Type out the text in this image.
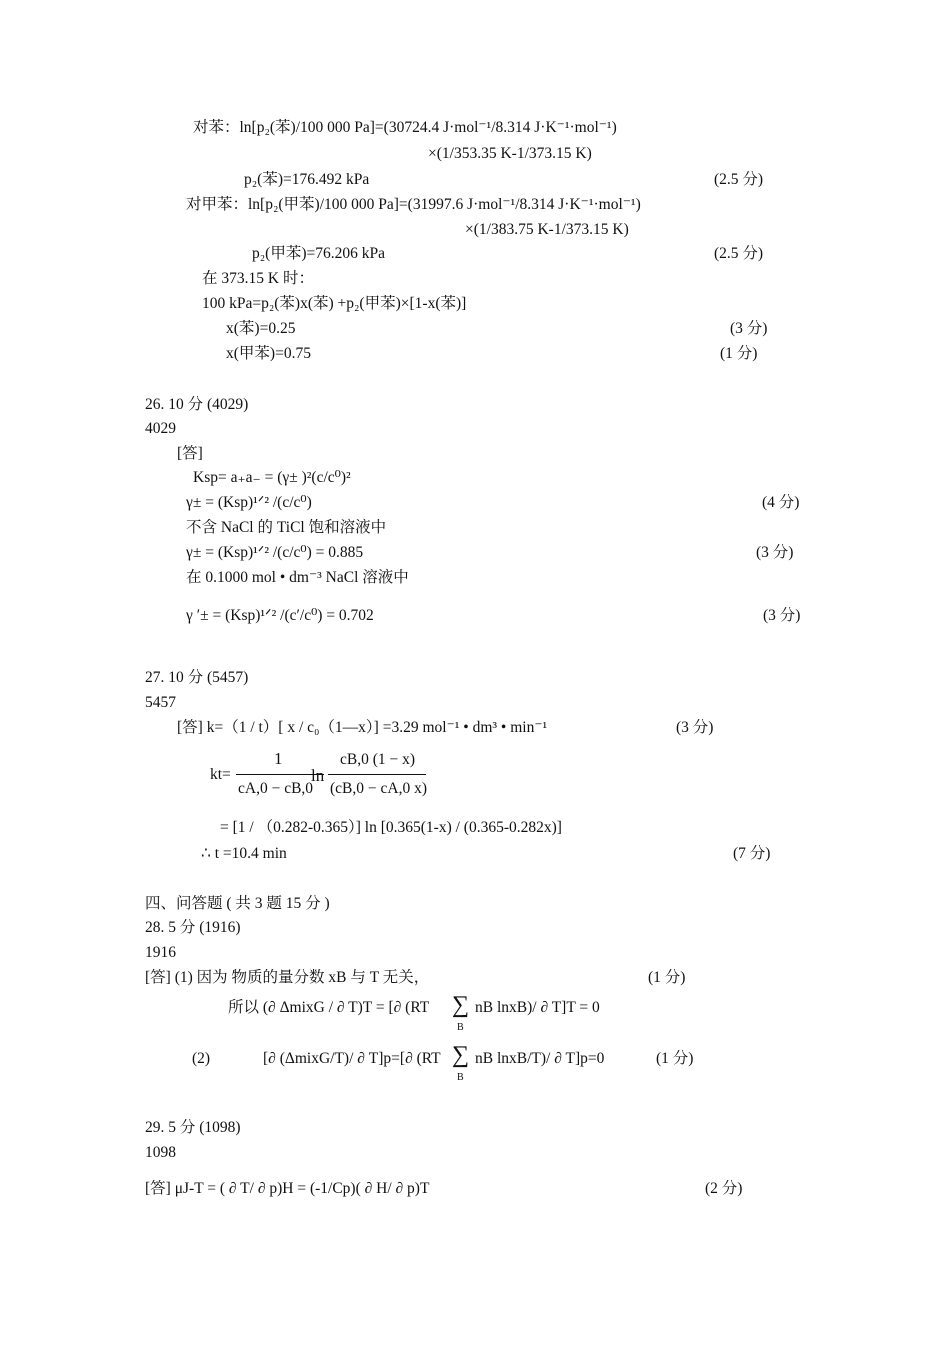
对苯：ln[p₂(苯)/100 000 Pa]=(30724.4 J·mol⁻¹/8.314 J·K⁻¹·mol⁻¹)
×(1/353.35 K-1/373.15 K)
p₂(苯)=176.492 kPa	(2.5 分)
对甲苯：ln[p₂(甲苯)/100 000 Pa]=(31997.6 J·mol⁻¹/8.314 J·K⁻¹·mol⁻¹)
×(1/383.75 K-1/373.15 K)
p₂(甲苯)=76.206 kPa	(2.5 分)
在 373.15 K 时：
100 kPa=p₂(苯)x(苯) +p₂(甲苯)×[1-x(苯)]
x(苯)=0.25	(3 分)
x(甲苯)=0.75	(1 分)
26. 10 分 (4029)
4029
[答]
Ksp= a₊a₋ = (γ± )²(c/c⁰)²
γ± = (Ksp)¹ᐟ² /(c/c⁰)	(4 分)
不含 NaCl 的 TiCl 饱和溶液中
γ± = (Ksp)¹ᐟ² /(c/c⁰) = 0.885	(3 分)
在 0.1000 mol • dm⁻³ NaCl 溶液中
γ ′± = (Ksp)¹ᐟ² /(c′/c⁰) = 0.702	(3 分)
27. 10 分 (5457)
5457
[答] k=（1 / t）[ x / c₀（1—x）] =3.29 mol⁻¹ • dm³ • min⁻¹	(3 分)
kt=
1
cA,0 − cB,0
ln
cB,0 (1 − x)
(cB,0 − cA,0 x)
= [1 / （0.282-0.365）] ln [0.365(1-x) / (0.365-0.282x)]
∴ t =10.4 min	(7 分)
四、问答题 ( 共 3 题 15 分 )
28. 5 分 (1916)
1916
[答] (1) 因为 物质的量分数 xB 与 T 无关，	(1 分)
所以 (∂ ΔmixG / ∂ T)T = [∂ (RT ∑
B
nB lnxB)/ ∂ T]T = 0
(2)	[∂ (ΔmixG/T)/ ∂ T]p=[∂ (RT ∑
B
nB lnxB/T)/ ∂ T]p=0	(1 分)
29. 5 分 (1098)
1098
[答] μJ-T = ( ∂ T/ ∂ p)H = (-1/Cp)( ∂ H/ ∂ p)T	(2 分)
